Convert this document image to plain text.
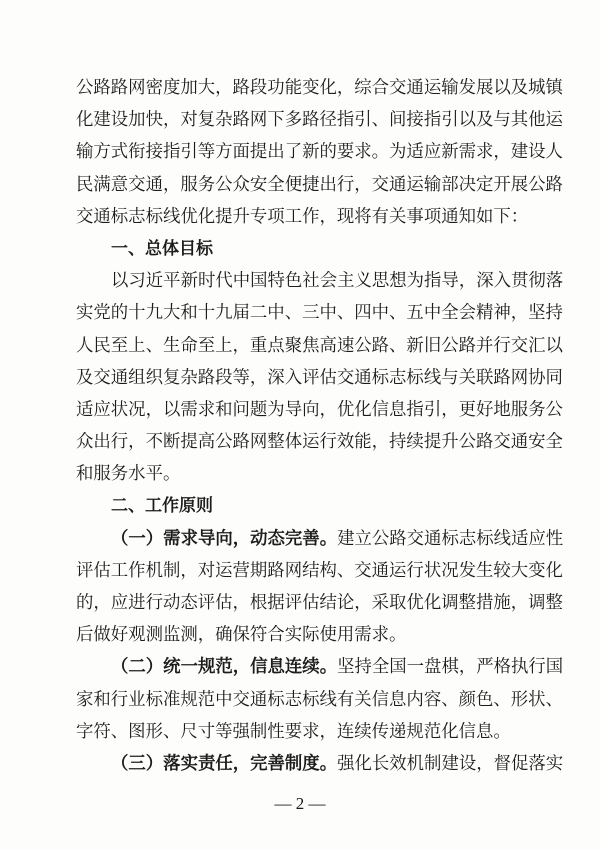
公路路网密度加大，路段功能变化，综合交通运输发展以及城镇
化建设加快，对复杂路网下多路径指引、间接指引以及与其他运
输方式衔接指引等方面提出了新的要求。为适应新需求，建设人
民满意交通，服务公众安全便捷出行，交通运输部决定开展公路
交通标志标线优化提升专项工作，现将有关事项通知如下：
一、总体目标
以习近平新时代中国特色社会主义思想为指导，深入贯彻落
实党的十九大和十九届二中、三中、四中、五中全会精神，坚持
人民至上、生命至上，重点聚焦高速公路、新旧公路并行交汇以
及交通组织复杂路段等，深入评估交通标志标线与关联路网协同
适应状况，以需求和问题为导向，优化信息指引，更好地服务公
众出行，不断提高公路网整体运行效能，持续提升公路交通安全
和服务水平。
二、工作原则
（一）需求导向，动态完善。建立公路交通标志标线适应性
评估工作机制，对运营期路网结构、交通运行状况发生较大变化
的，应进行动态评估，根据评估结论，采取优化调整措施，调整
后做好观测监测，确保符合实际使用需求。
（二）统一规范，信息连续。坚持全国一盘棋，严格执行国
家和行业标准规范中交通标志标线有关信息内容、颜色、形状、
字符、图形、尺寸等强制性要求，连续传递规范化信息。
（三）落实责任，完善制度。强化长效机制建设，督促落实
— 2 —
